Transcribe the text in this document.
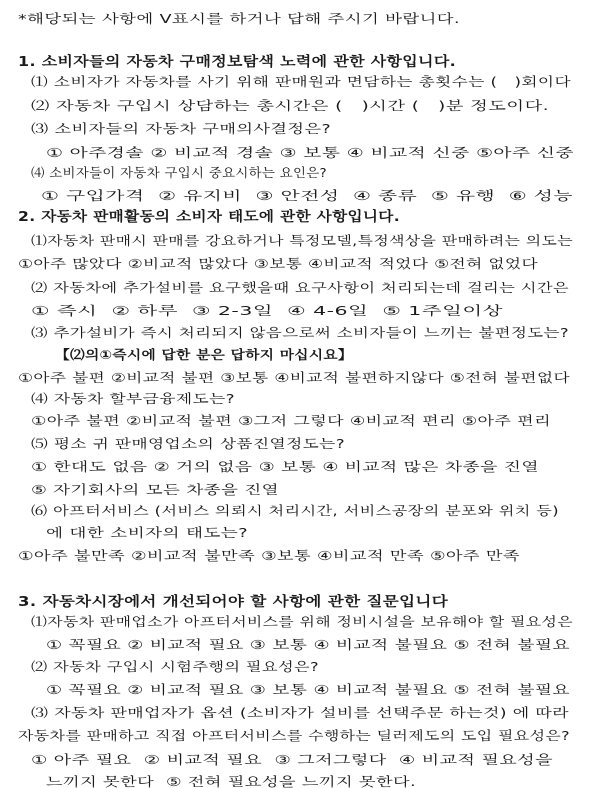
*해당되는 사항에 V표시를 하거나 답해 주시기 바랍니다.
1. 소비자들의 자동차 구매정보탐색 노력에 관한 사항입니다.
⑴ 소비자가 자동차를 사기 위해 판매원과 면담하는 총횟수는 (   )회이다
⑵ 자동차 구입시 상담하는 총시간은 (   )시간 (   )분 정도이다.
⑶ 소비자들의 자동차 구매의사결정은?
① 아주경솔 ② 비교적 경솔 ③ 보통 ④ 비교적 신중 ⑤아주 신중
⑷ 소비자들이 자동차 구입시 중요시하는 요인은?
① 구입가격  ② 유지비  ③ 안전성  ④ 종류  ⑤ 유행  ⑥ 성능
2. 자동차 판매활동의 소비자 태도에 관한 사항입니다.
⑴자동차 판매시 판매를 강요하거나 특정모델,특정색상을 판매하려는 의도는
①아주 많았다 ②비교적 많았다 ③보통 ④비교적 적었다 ⑤전혀 없었다
⑵ 자동차에 추가설비를 요구했을때 요구사항이 처리되는데 걸리는 시간은
① 즉시  ② 하루  ③ 2-3일  ④ 4-6일  ⑤ 1주일이상
⑶ 추가설비가 즉시 처리되지 않음으로써 소비자들이 느끼는 불편정도는?
【⑵의①즉시에 답한 분은 답하지 마십시요】
①아주 불편 ②비교적 불편 ③보통 ④비교적 불편하지않다 ⑤전혀 불편없다
⑷ 자동차 할부금융제도는?
①아주 불편 ②비교적 불편 ③그저 그렇다 ④비교적 편리 ⑤아주 편리
⑸ 평소 귀 판매영업소의 상품진열정도는?
① 한대도 없음 ② 거의 없음 ③ 보통 ④ 비교적 많은 차종을 진열
⑤ 자기회사의 모든 차종을 진열
⑹ 아프터서비스 (서비스 의뢰시 처리시간, 서비스공장의 분포와 위치 등)
에 대한 소비자의 태도는?
①아주 불만족 ②비교적 불만족 ③보통 ④비교적 만족 ⑤아주 만족
3. 자동차시장에서 개선되어야 할 사항에 관한 질문입니다
⑴자동차 판매업소가 아프터서비스를 위해 정비시설을 보유해야 할 필요성은
① 꼭필요 ② 비교적 필요 ③ 보통 ④ 비교적 불필요 ⑤ 전혀 불필요
⑵ 자동차 구입시 시험주행의 필요성은?
① 꼭필요 ② 비교적 필요 ③ 보통 ④ 비교적 불필요 ⑤ 전혀 불필요
⑶ 자동차 판매업자가 옵션 (소비자가 설비를 선택주문 하는것) 에 따라
자동차를 판매하고 직접 아프터서비스를 수행하는 딜러제도의 도입 필요성은?
① 아주 필요  ② 비교적 필요  ③ 그저그렇다  ④ 비교적 필요성을
느끼지 못한다  ⑤ 전혀 필요성을 느끼지 못한다.
